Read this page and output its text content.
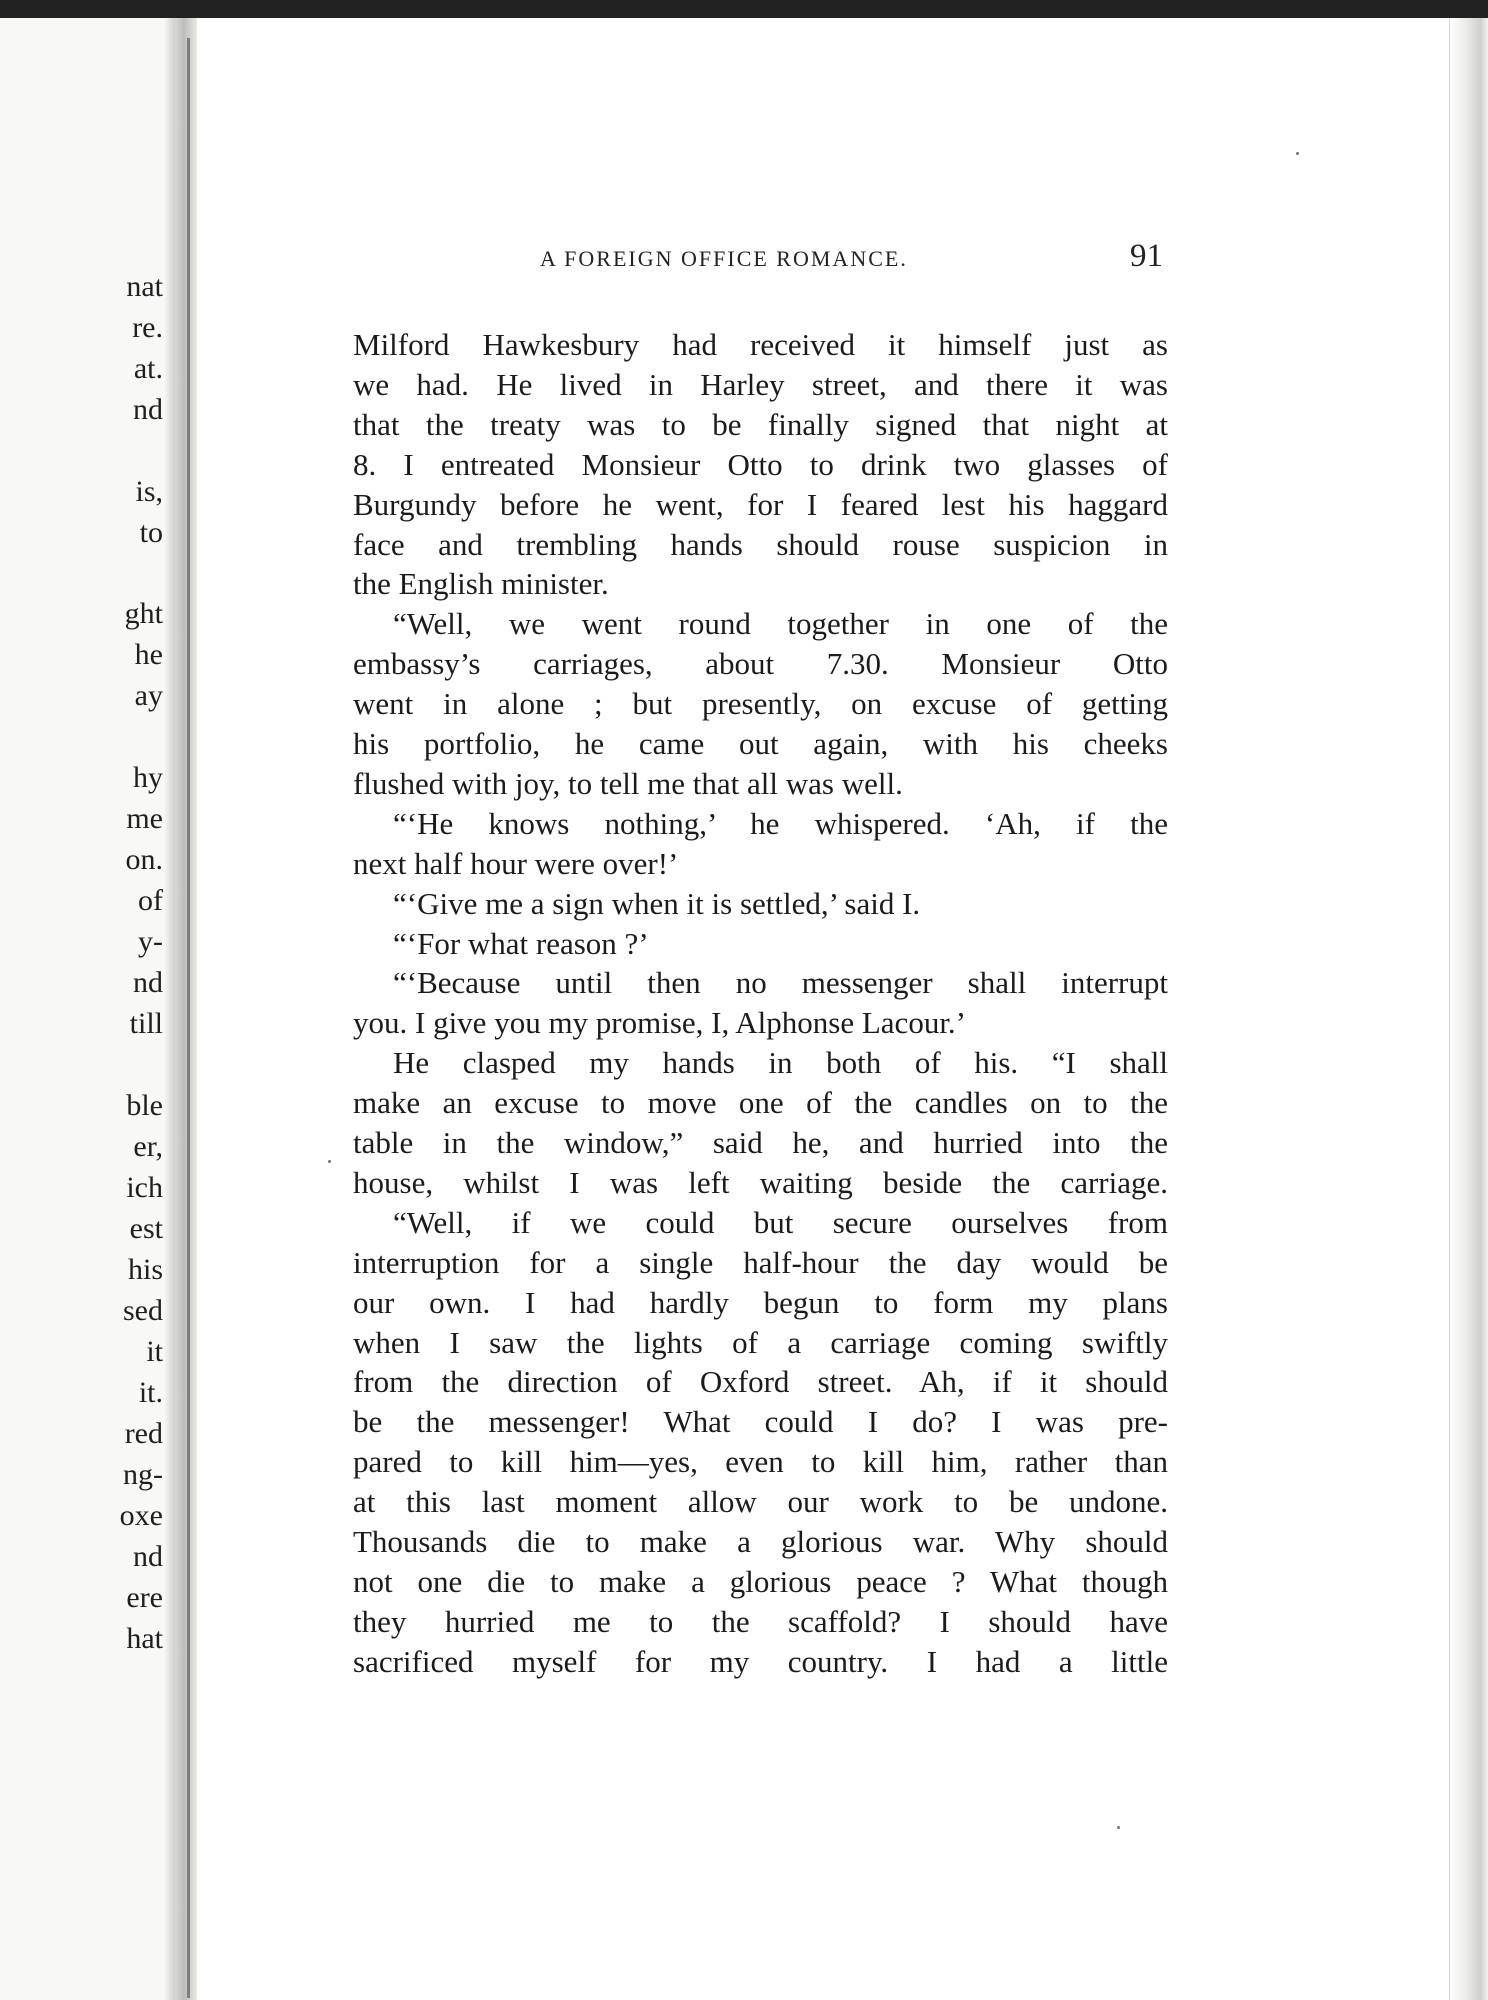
nat
re.
at.
nd
is,
to
ght
he
ay
hy
me
on.
of
y-
nd
till
ble
er,
ich
est
his
sed
it
it.
red
ng-
oxe
nd
ere
hat
A FOREIGN OFFICE ROMANCE.	91
Milford Hawkesbury had received it himself just as
we had. He lived in Harley street, and there it was
that the treaty was to be finally signed that night at
8. I entreated Monsieur Otto to drink two glasses of
Burgundy before he went, for I feared lest his haggard
face and trembling hands should rouse suspicion in
the English minister.
“Well, we went round together in one of the
embassy’s carriages, about 7.30. Monsieur Otto
went in alone ; but presently, on excuse of getting
his portfolio, he came out again, with his cheeks
flushed with joy, to tell me that all was well.
“‘He knows nothing,’ he whispered. ‘Ah, if the
next half hour were over!’
“‘Give me a sign when it is settled,’ said I.
“‘For what reason ?’
“‘Because until then no messenger shall interrupt
you. I give you my promise, I, Alphonse Lacour.’
He clasped my hands in both of his. “I shall
make an excuse to move one of the candles on to the
table in the window,” said he, and hurried into the
house, whilst I was left waiting beside the carriage.
“Well, if we could but secure ourselves from
interruption for a single half-hour the day would be
our own. I had hardly begun to form my plans
when I saw the lights of a carriage coming swiftly
from the direction of Oxford street. Ah, if it should
be the messenger! What could I do? I was pre-
pared to kill him—yes, even to kill him, rather than
at this last moment allow our work to be undone.
Thousands die to make a glorious war. Why should
not one die to make a glorious peace ? What though
they hurried me to the scaffold? I should have
sacrificed myself for my country. I had a little
